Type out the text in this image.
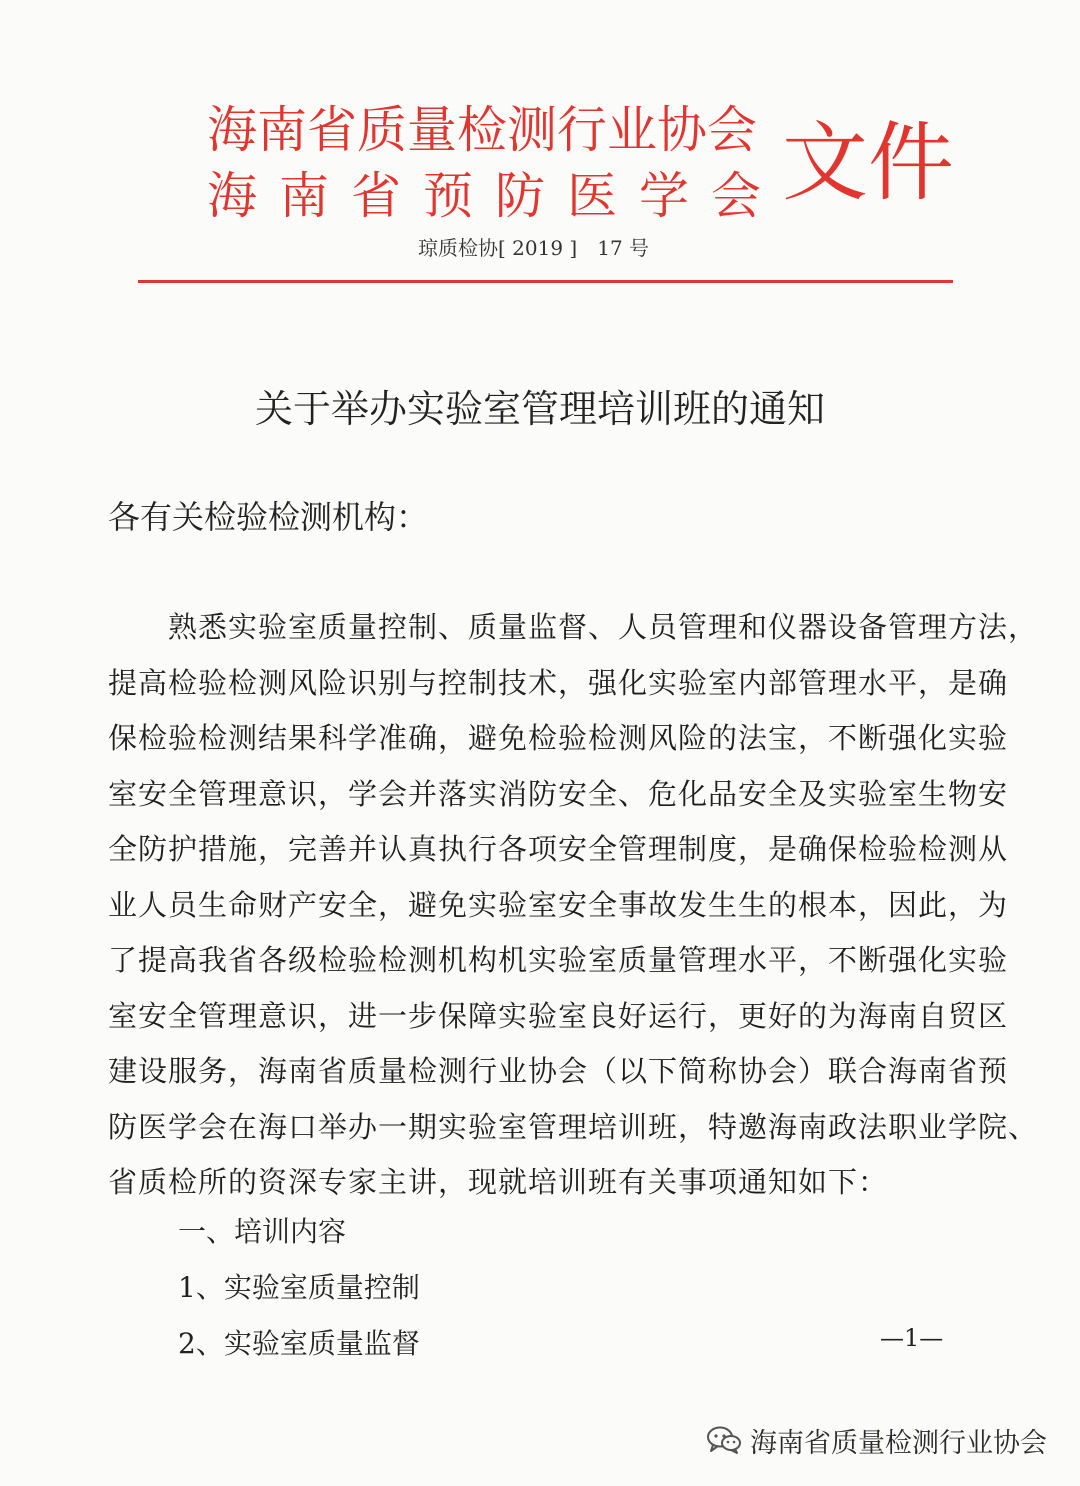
海南省质量检测行业协会
海南省预防医学会 文件
琼质检协[ 2019 ]　17 号
关于举办实验室管理培训班的通知
各有关检验检测机构：
熟悉实验室质量控制、质量监督、人员管理和仪器设备管理方法，
提高检验检测风险识别与控制技术，强化实验室内部管理水平，是确
保检验检测结果科学准确，避免检验检测风险的法宝，不断强化实验
室安全管理意识，学会并落实消防安全、危化品安全及实验室生物安
全防护措施，完善并认真执行各项安全管理制度，是确保检验检测从
业人员生命财产安全，避免实验室安全事故发生生的根本，因此，为
了提高我省各级检验检测机构机实验室质量管理水平，不断强化实验
室安全管理意识，进一步保障实验室良好运行，更好的为海南自贸区
建设服务，海南省质量检测行业协会（以下简称协会）联合海南省预
防医学会在海口举办一期实验室管理培训班，特邀海南政法职业学院、
省质检所的资深专家主讲，现就培训班有关事项通知如下：
一、培训内容
1、实验室质量控制
2、实验室质量监督	—1—
海南省质量检测行业协会
